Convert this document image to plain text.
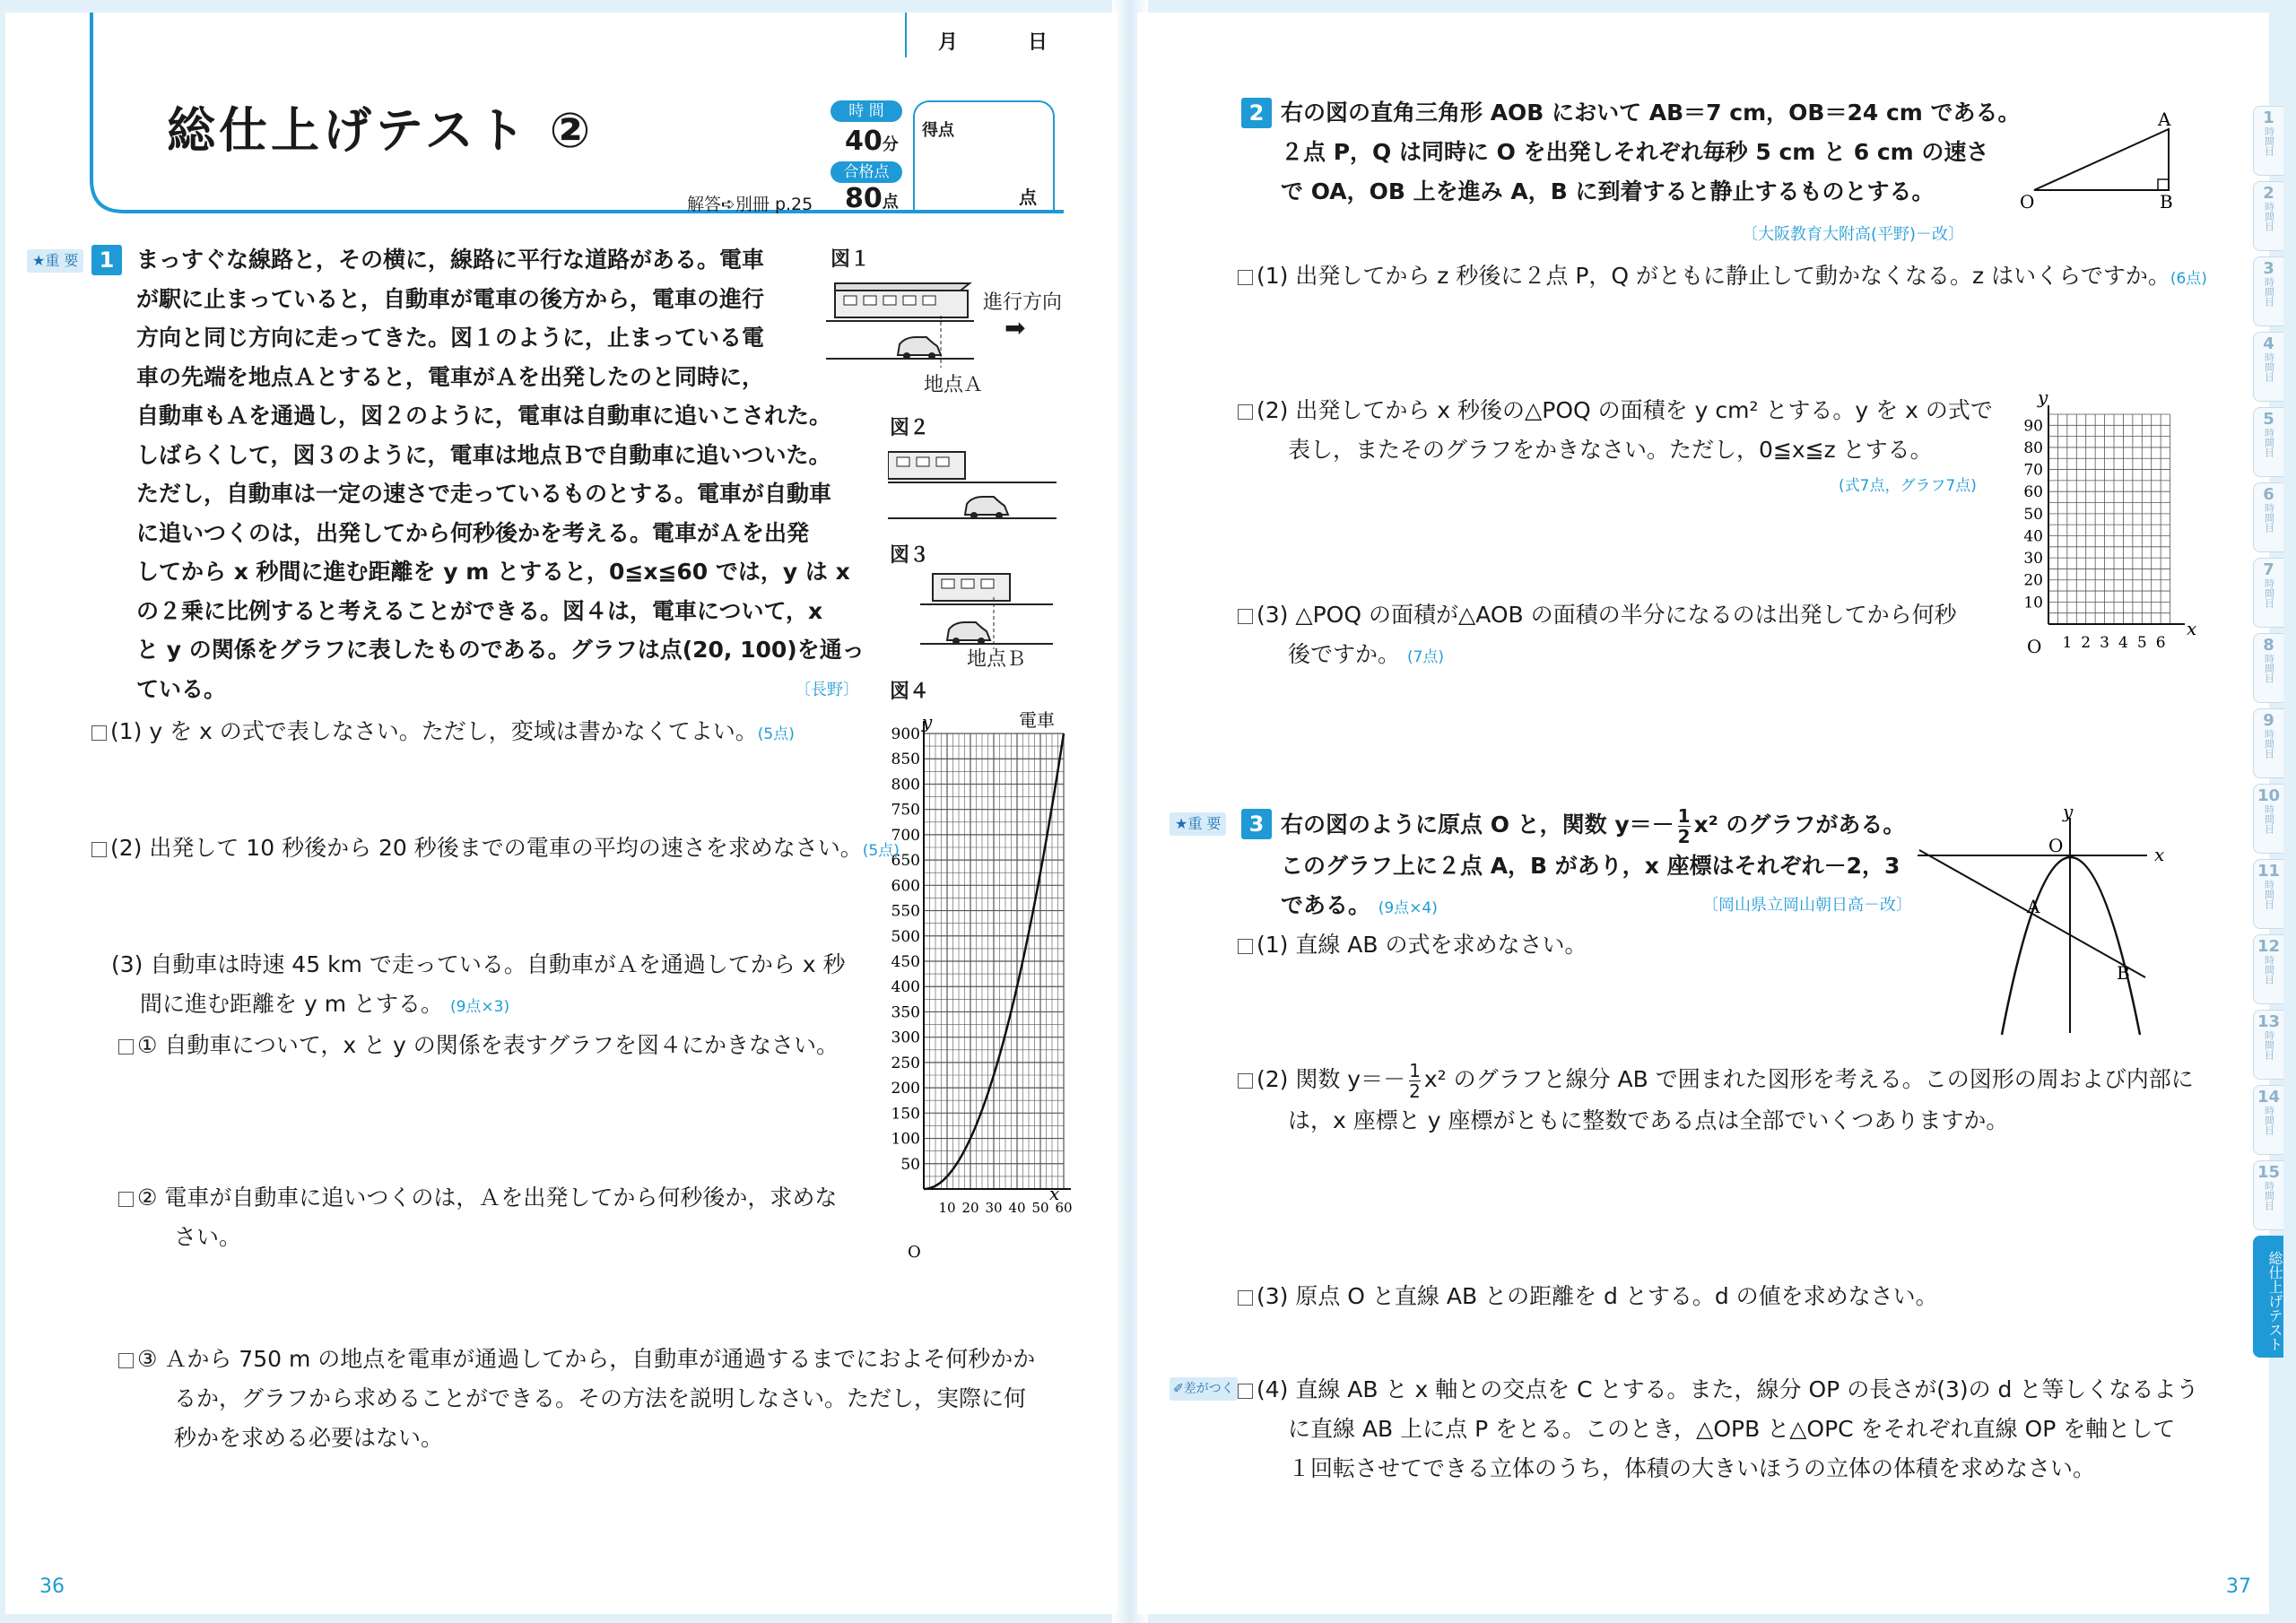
月	日
総仕上げテスト ②	時 間
40分
合格点
80点
得点
点
解答➪別冊 p.25
★重 要 1 まっすぐな線路と，その横に，線路に平行な道路がある。電車
が駅に止まっていると，自動車が電車の後方から，電車の進行
方向と同じ方向に走ってきた。図１のように，止まっている電
車の先端を地点Ａとすると，電車がＡを出発したのと同時に，
自動車もＡを通過し，図２のように，電車は自動車に追いこされた。
しばらくして，図３のように，電車は地点Ｂで自動車に追いついた。
ただし，自動車は一定の速さで走っているものとする。電車が自動車
に追いつくのは，出発してから何秒後かを考える。電車がＡを出発
してから x 秒間に進む距離を y m とすると，0≦x≦60 では，y は x
の２乗に比例すると考えることができる。図４は，電車について，x
と y の関係をグラフに表したものである。グラフは点(20, 100)を通っ
ている。	〔長野〕
図１
進行方向
➡
地点Ａ
図２
図３
地点Ｂ
図４
50
100
150
200
250
300
350
400
450
500
550
600
650
700
750
800
850
900
10 20 30 40 50 60
y	電車
x
O
(1) y を x の式で表しなさい。ただし，変域は書かなくてよい。(5点)
(2) 出発して 10 秒後から 20 秒後までの電車の平均の速さを求めなさい。(5点)
(3) 自動車は時速 45 km で走っている。自動車がＡを通過してから x 秒
間に進む距離を y m とする。 (9点×3)
① 自動車について，x と y の関係を表すグラフを図４にかきなさい。
② 電車が自動車に追いつくのは，Ａを出発してから何秒後か，求めな
さい。
③ Ａから 750 m の地点を電車が通過してから，自動車が通過するまでにおよそ何秒かか
るか，グラフから求めることができる。その方法を説明しなさい。ただし，実際に何
秒かを求める必要はない。
36
2 右の図の直角三角形 AOB において AB＝7 cm，OB＝24 cm である。
２点 P，Q は同時に O を出発しそれぞれ毎秒 5 cm と 6 cm の速さ
で OA，OB 上を進み A，B に到着すると静止するものとする。
〔大阪教育大附高(平野)－改〕
A
O	B
(1) 出発してから z 秒後に２点 P，Q がともに静止して動かなくなる。z はいくらですか。(6点)
(2) 出発してから x 秒後の△POQ の面積を y cm² とする。y を x の式で
表し，またそのグラフをかきなさい。ただし，0≦x≦z とする。
(式7点，グラフ7点)
(3) △POQ の面積が△AOB の面積の半分になるのは出発してから何秒
後ですか。 (7点)
10
20
30
40
50
60
70
80
90
1 2 3 4 5 6
y
x
O
★重 要	3 右の図のように原点 O と，関数 $y=- \frac{1}{2} x^2$ のグラフがある。
このグラフ上に２点 A，B があり，x 座標はそれぞれ－2，3
である。 (9点×4)	〔岡山県立岡山朝日高－改〕
x
y
O
A
B
(1) 直線 AB の式を求めなさい。
(2) 関数 $y=- \frac{1}{2} x^2$ のグラフと線分 AB で囲まれた図形を考える。この図形の周および内部に
は，x 座標と y 座標がともに整数である点は全部でいくつありますか。
(3) 原点 O と直線 AB との距離を d とする。d の値を求めなさい。
✐差がつく	(4) 直線 AB と x 軸との交点を C とする。また，線分 OP の長さが(3)の d と等しくなるよう
に直線 AB 上に点 P をとる。このとき，△OPB と△OPC をそれぞれ直線 OP を軸として
１回転させてできる立体のうち，体積の大きいほうの立体の体積を求めなさい。
1
時間目
2
時間目
3
時間目
4
時間目
5
時間目
6
時間目
7
時間目
8
時間目
9
時間目
10
時間目
11
時間目
12
時間目
13
時間目
14
時間目
15
時間目
総仕上げテスト
37
